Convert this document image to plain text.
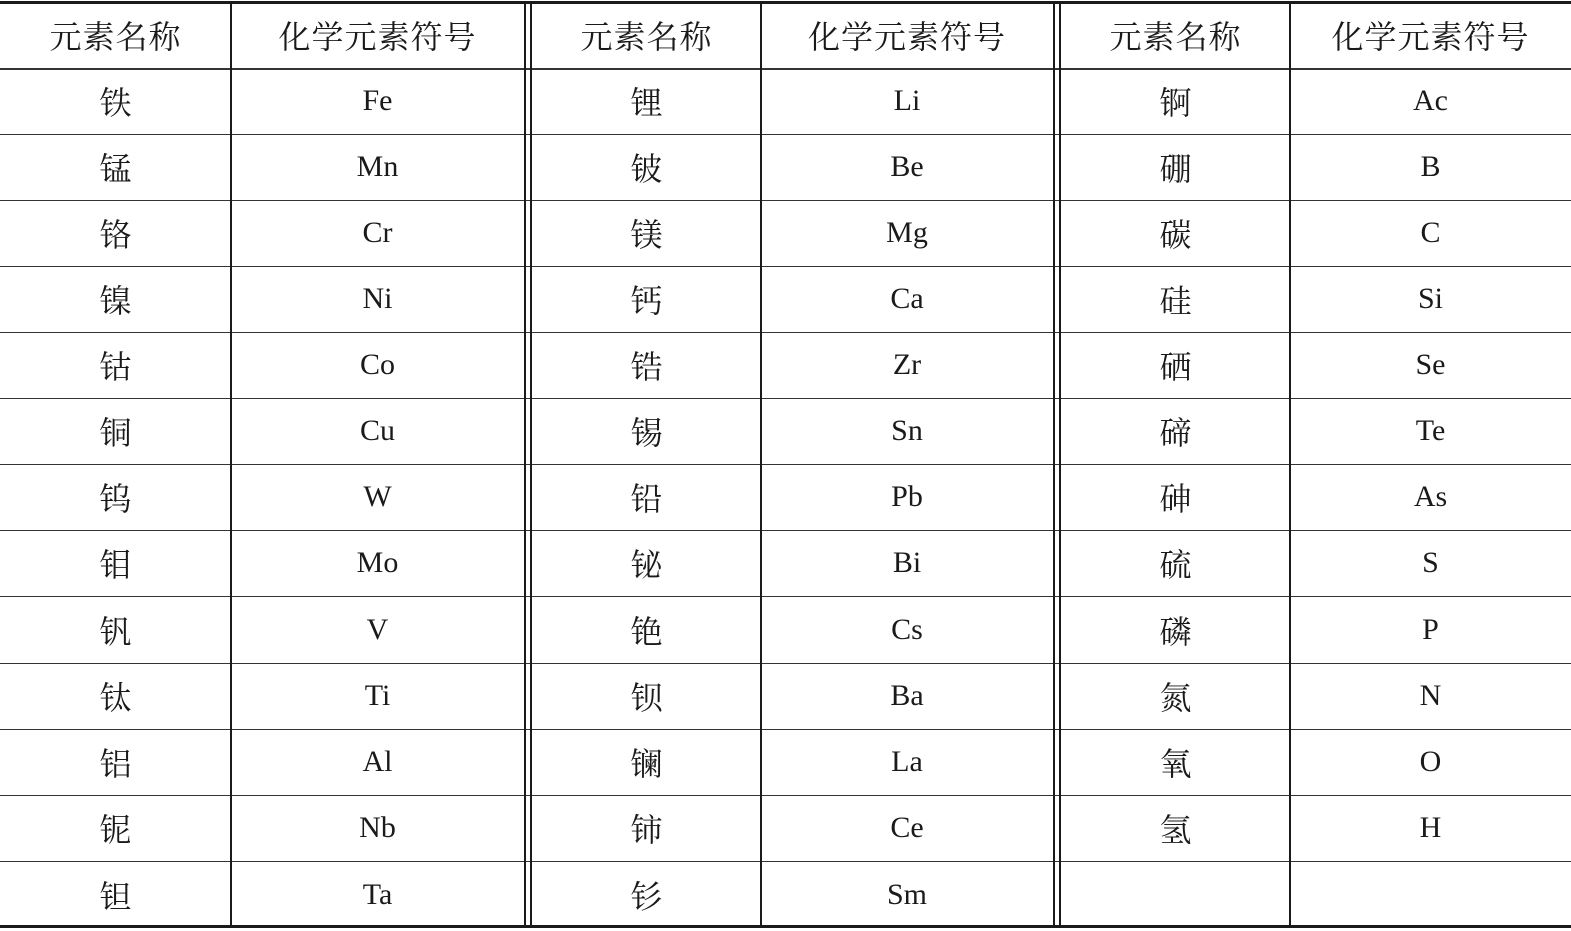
元素名称	化学元素符号	元素名称	化学元素符号	元素名称	化学元素符号
铁	Fe	锂	Li	锕	Ac
锰	Mn	铍	Be	硼	B
铬	Cr	镁	Mg	碳	C
镍	Ni	钙	Ca	硅	Si
钴	Co	锆	Zr	硒	Se
铜	Cu	锡	Sn	碲	Te
钨	W	铅	Pb	砷	As
钼	Mo	铋	Bi	硫	S
钒	V	铯	Cs	磷	P
钛	Ti	钡	Ba	氮	N
铝	Al	镧	La	氧	O
铌	Nb	铈	Ce	氢	H
钽	Ta	钐	Sm
